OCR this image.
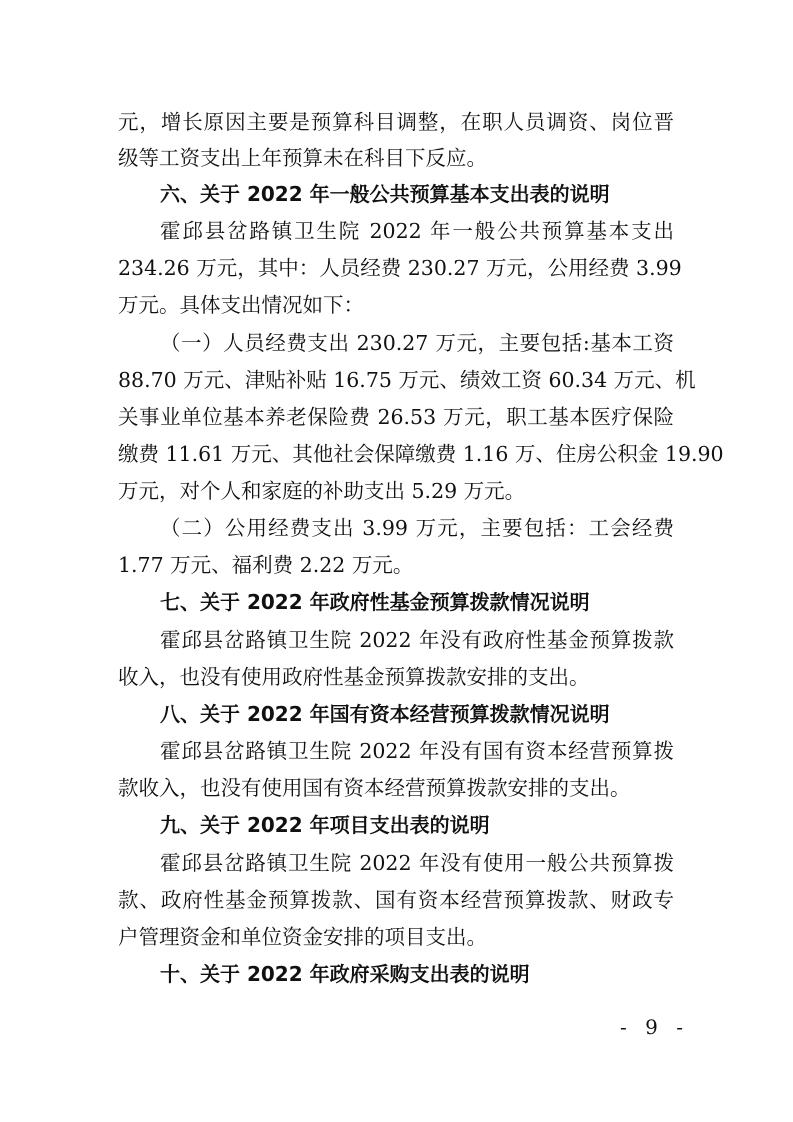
元，增长原因主要是预算科目调整，在职人员调资、岗位晋
级等工资支出上年预算未在科目下反应。
六、关于 2022 年一般公共预算基本支出表的说明
霍邱县岔路镇卫生院 2022 年一般公共预算基本支出
234.26 万元，其中：人员经费 230.27 万元，公用经费 3.99
万元。具体支出情况如下：
（一）人员经费支出 230.27 万元，主要包括:基本工资
88.70 万元、津贴补贴 16.75 万元、绩效工资 60.34 万元、机
关事业单位基本养老保险费 26.53 万元，职工基本医疗保险
缴费 11.61 万元、其他社会保障缴费 1.16 万、住房公积金 19.90
万元，对个人和家庭的补助支出 5.29 万元。
（二）公用经费支出 3.99 万元，主要包括：工会经费
1.77 万元、福利费 2.22 万元。
七、关于 2022 年政府性基金预算拨款情况说明
霍邱县岔路镇卫生院 2022 年没有政府性基金预算拨款
收入，也没有使用政府性基金预算拨款安排的支出。
八、关于 2022 年国有资本经营预算拨款情况说明
霍邱县岔路镇卫生院 2022 年没有国有资本经营预算拨
款收入，也没有使用国有资本经营预算拨款安排的支出。
九、关于 2022 年项目支出表的说明
霍邱县岔路镇卫生院 2022 年没有使用一般公共预算拨
款、政府性基金预算拨款、国有资本经营预算拨款、财政专
户管理资金和单位资金安排的项目支出。
十、关于 2022 年政府采购支出表的说明
- 9 -
